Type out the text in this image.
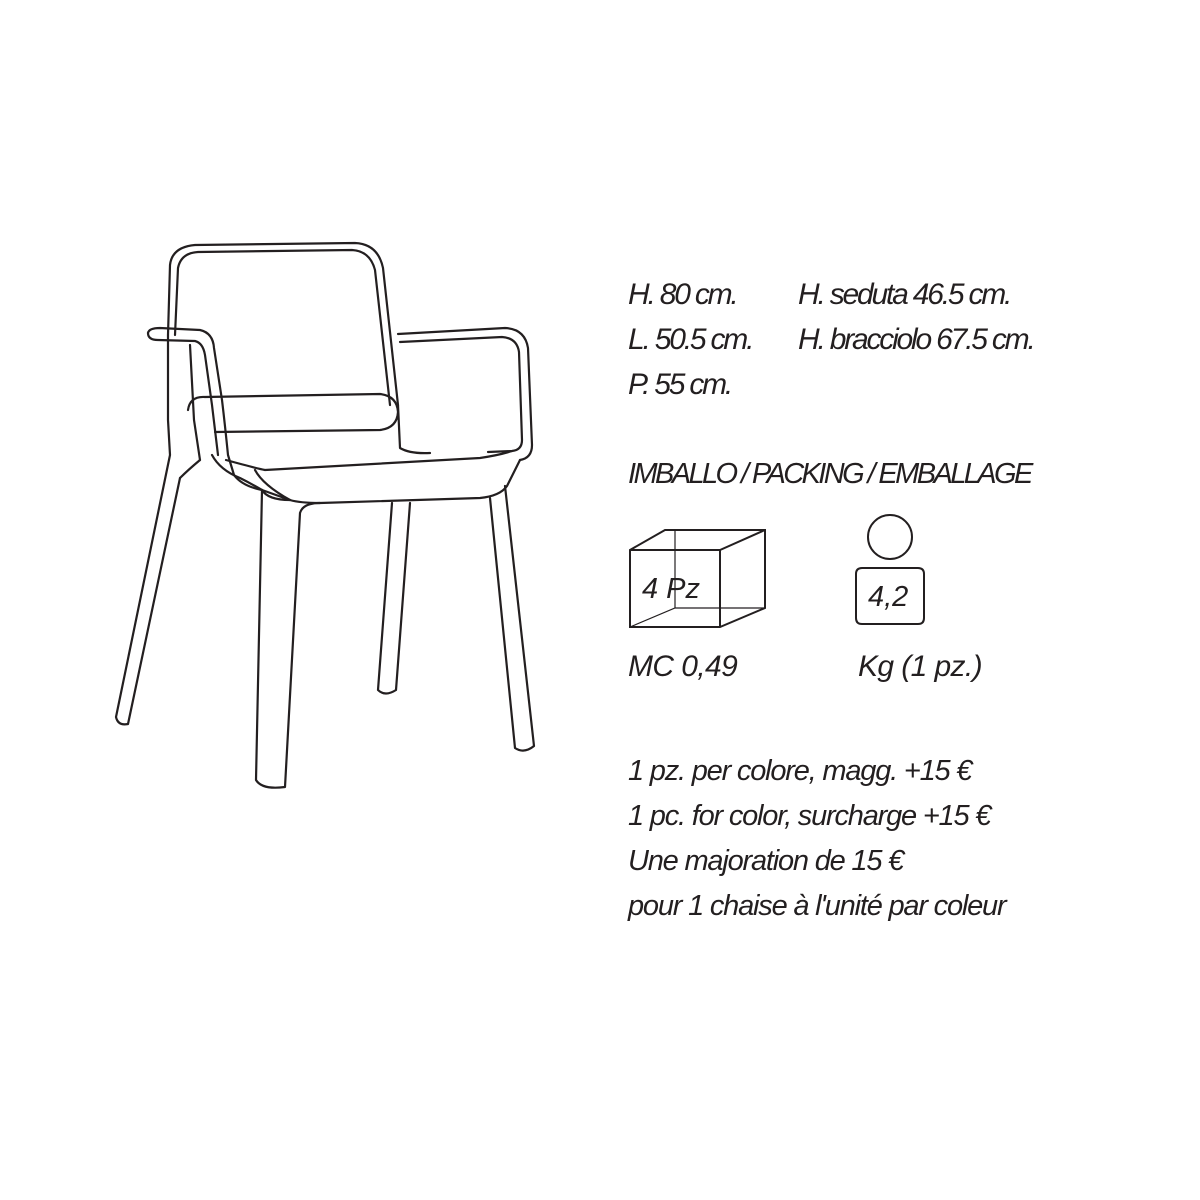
H. 80 cm.
L. 50.5 cm.
P. 55 cm.
H. seduta 46.5 cm.
H. bracciolo 67.5 cm.
IMBALLO / PACKING / EMBALLAGE
4 Pz	4,2
MC 0,49	Kg (1 pz.)
1 pz. per colore, magg. +15 €
1 pc. for color, surcharge +15 €
Une majoration de 15 €
pour 1 chaise à l'unité par coleur
